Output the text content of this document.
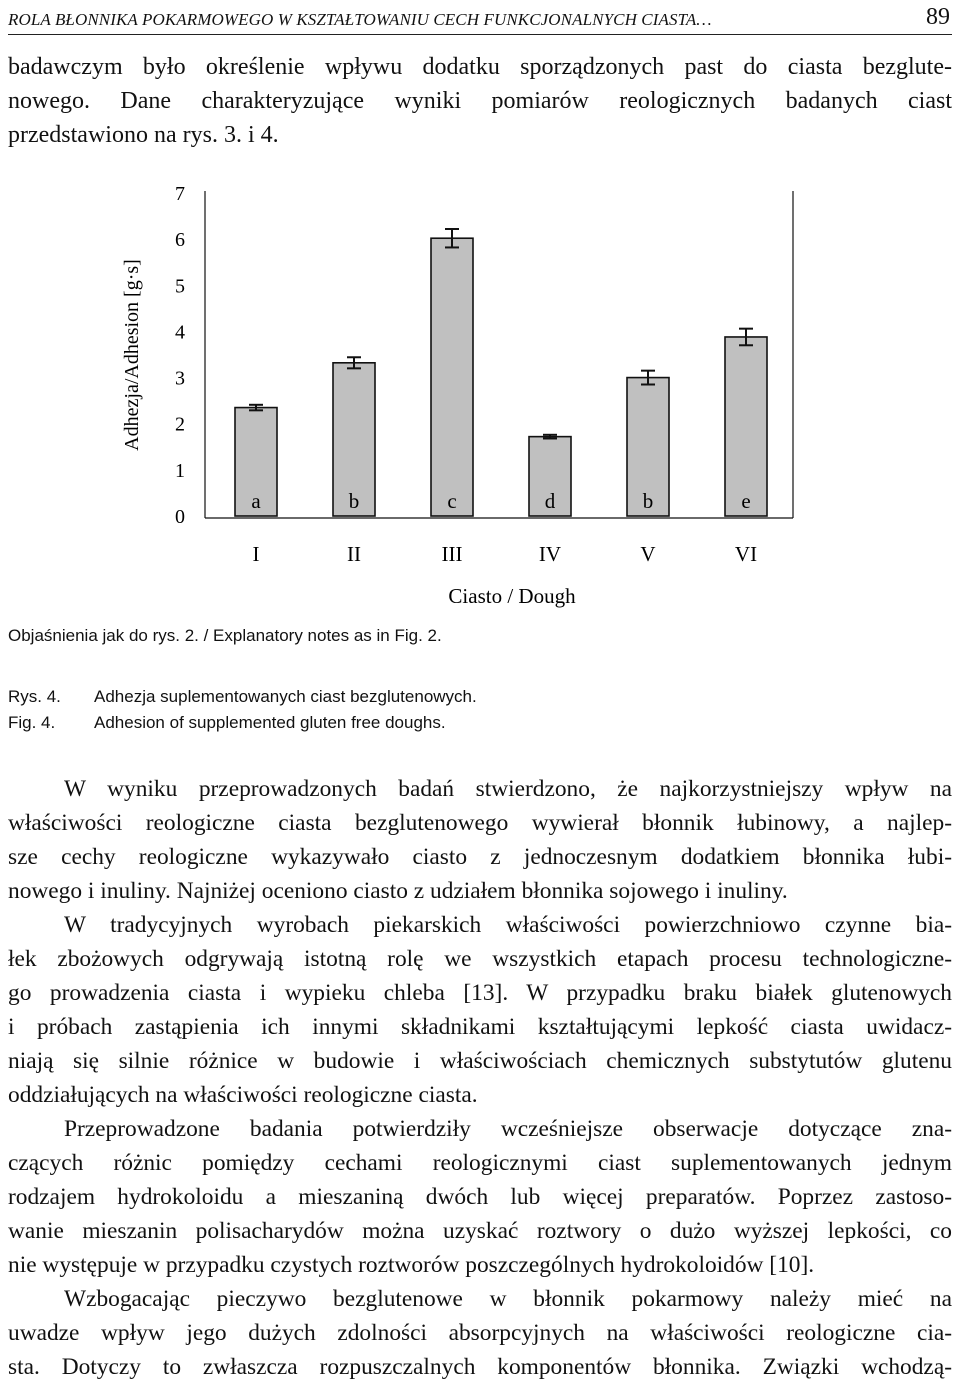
ROLA BŁONNIKA POKARMOWEGO W KSZTAŁTOWANIU CECH FUNKCJONALNYCH CIASTA…	89
badawczym było określenie wpływu dodatku sporządzonych past do ciasta bezglute-
nowego. Dane charakteryzujące wyniki pomiarów reologicznych badanych ciast
przedstawiono na rys. 3. i 4.
0
1
2
3
4
5
6
7
a	b	c	d	b	e
I	II	III	IV	V	VI
Adhezja/Adhesion [g·s]
Ciasto / Dough
Objaśnienia jak do rys. 2. / Explanatory notes as in Fig. 2.
Rys. 4. Adhezja suplementowanych ciast bezglutenowych.
Fig. 4. Adhesion of supplemented gluten free doughs.
W wyniku przeprowadzonych badań stwierdzono, że najkorzystniejszy wpływ na
właściwości reologiczne ciasta bezglutenowego wywierał błonnik łubinowy, a najlep-
sze cechy reologiczne wykazywało ciasto z jednoczesnym dodatkiem błonnika łubi-
nowego i inuliny. Najniżej oceniono ciasto z udziałem błonnika sojowego i inuliny.
W tradycyjnych wyrobach piekarskich właściwości powierzchniowo czynne bia-
łek zbożowych odgrywają istotną rolę we wszystkich etapach procesu technologiczne-
go prowadzenia ciasta i wypieku chleba [13]. W przypadku braku białek glutenowych
i próbach zastąpienia ich innymi składnikami kształtującymi lepkość ciasta uwidacz-
niają się silnie różnice w budowie i właściwościach chemicznych substytutów glutenu
oddziałujących na właściwości reologiczne ciasta.
Przeprowadzone badania potwierdziły wcześniejsze obserwacje dotyczące zna-
czących różnic pomiędzy cechami reologicznymi ciast suplementowanych jednym
rodzajem hydrokoloidu a mieszaniną dwóch lub więcej preparatów. Poprzez zastoso-
wanie mieszanin polisacharydów można uzyskać roztwory o dużo wyższej lepkości, co
nie występuje w przypadku czystych roztworów poszczególnych hydrokoloidów [10].
Wzbogacając pieczywo bezglutenowe w błonnik pokarmowy należy mieć na
uwadze wpływ jego dużych zdolności absorpcyjnych na właściwości reologiczne cia-
sta. Dotyczy to zwłaszcza rozpuszczalnych komponentów błonnika. Związki wchodzą-
